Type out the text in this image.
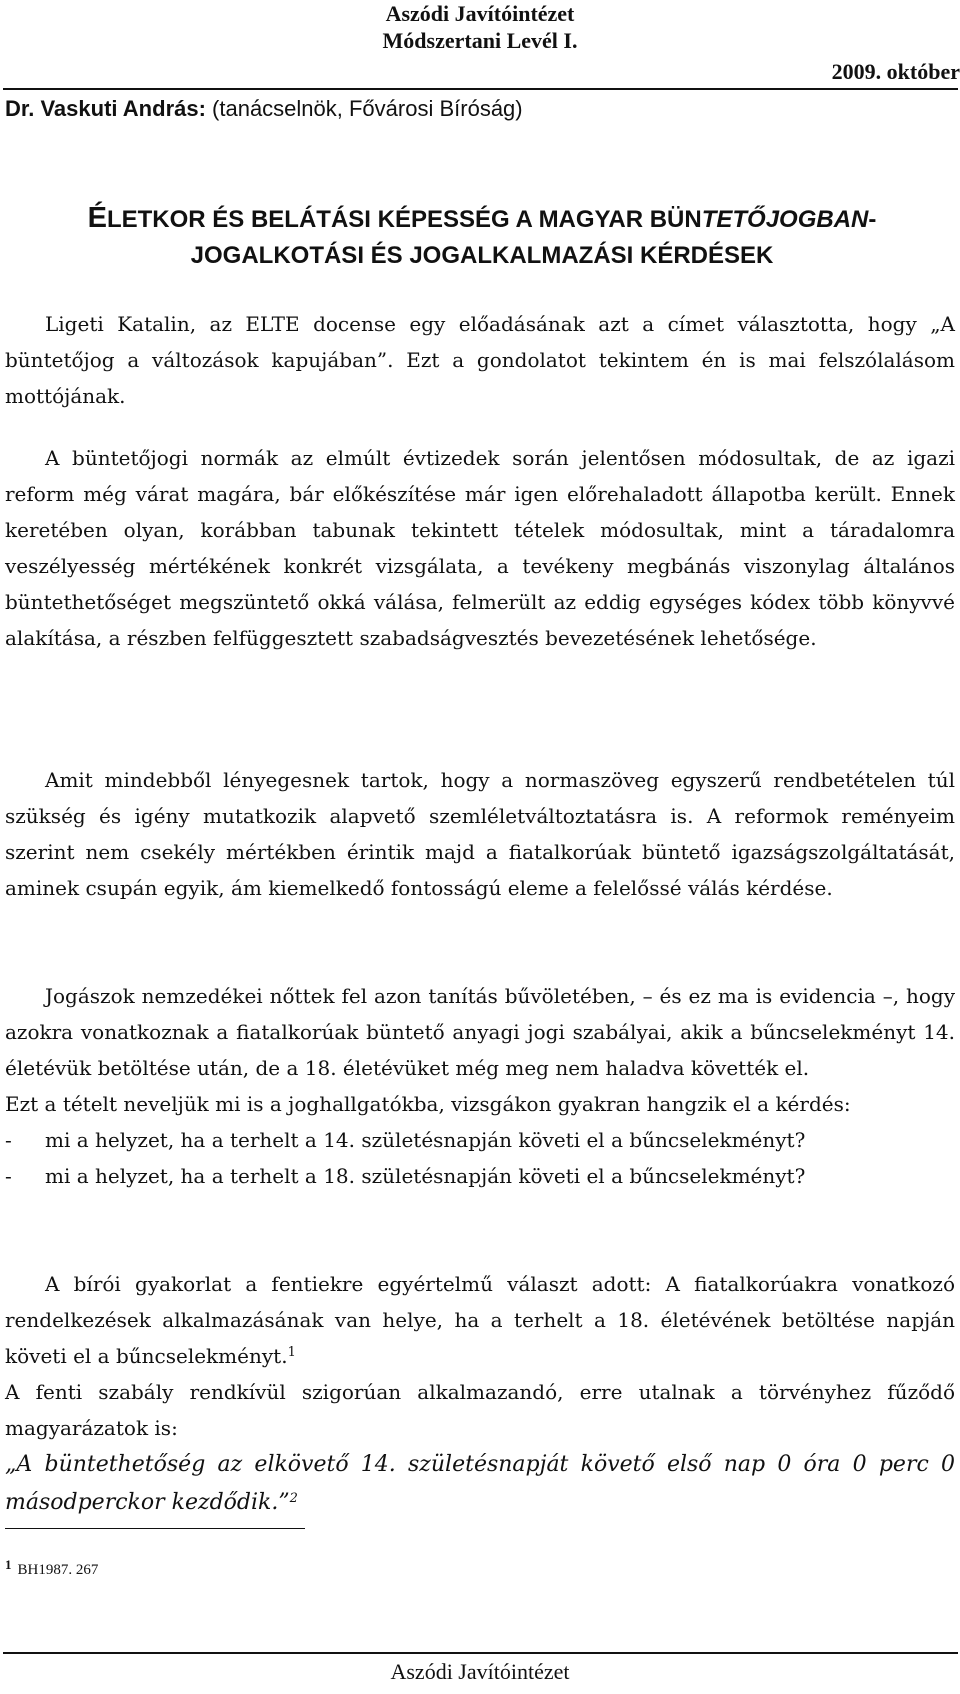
Aszódi Javítóintézet
Módszertani Levél I.
2009. október
Dr. Vaskuti András: (tanácselnök, Fővárosi Bíróság)
ÉLETKOR ÉS BELÁTÁSI KÉPESSÉG A MAGYAR BÜNTETŐJOGBAN-
JOGALKOTÁSI ÉS JOGALKALMAZÁSI KÉRDÉSEK

Ligeti Katalin, az ELTE docense egy előadásának azt a címet választotta, hogy „A büntetőjog a változások kapujában”. Ezt a gondolatot tekintem én is mai felszólalásom mottójának.

A büntetőjogi normák az elmúlt évtizedek során jelentősen módosultak, de az igazi reform még várat magára, bár előkészítése már igen előrehaladott állapotba került. Ennek keretében olyan, korábban tabunak tekintett tételek módosultak, mint a táradalomra veszélyesség mértékének konkrét vizsgálata, a tevékeny megbánás viszonylag általános büntethetőséget megszüntető okká válása, felmerült az eddig egységes kódex több könyvvé alakítása, a részben felfüggesztett szabadságvesztés bevezetésének lehetősége.

Amit mindebből lényegesnek tartok, hogy a normaszöveg egyszerű rendbetételen túl szükség és igény mutatkozik alapvető szemléletváltoztatásra is. A reformok reményeim szerint nem csekély mértékben érintik majd a fiatalkorúak büntető igazságszolgáltatását, aminek csupán egyik, ám kiemelkedő fontosságú eleme a felelőssé válás kérdése.

Jogászok nemzedékei nőttek fel azon tanítás bűvöletében, – és ez ma is evidencia –, hogy azokra vonatkoznak a fiatalkorúak büntető anyagi jogi szabályai, akik a bűncselekményt 14. életévük betöltése után, de a 18. életévüket még meg nem haladva követték el.

Ezt a tételt neveljük mi is a joghallgatókba, vizsgákon gyakran hangzik el a kérdés:

-	mi a helyzet, ha a terhelt a 14. születésnapján követi el a bűncselekményt?
-	mi a helyzet, ha a terhelt a 18. születésnapján követi el a bűncselekményt?

A bírói gyakorlat a fentiekre egyértelmű választ adott: A fiatalkorúakra vonatkozó rendelkezések alkalmazásának van helye, ha a terhelt a 18. életévének betöltése napján követi el a bűncselekményt.$^1$

A fenti szabály rendkívül szigorúan alkalmazandó, erre utalnak a törvényhez fűződő magyarázatok is:

„A büntethetőség az elkövető 14. születésnapját követő első nap 0 óra 0 perc 0 másodperckor kezdődik.”$^2$

1 BH1987. 267
Aszódi Javítóintézet
